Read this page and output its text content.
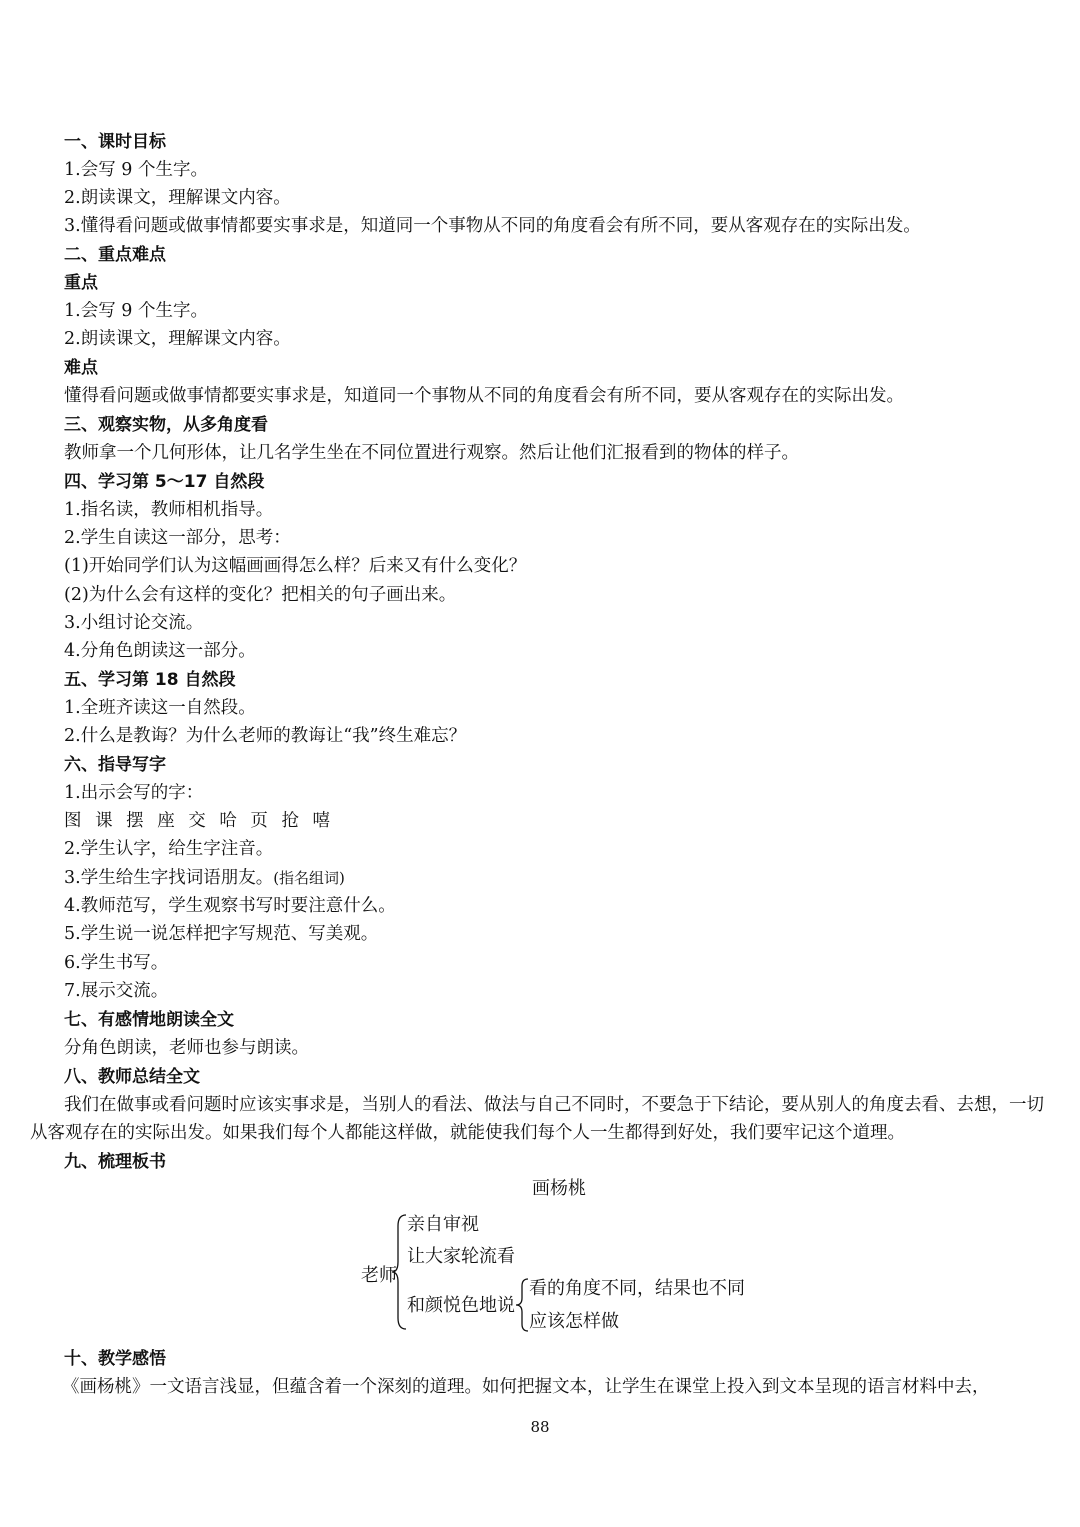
一、课时目标
1.会写 9 个生字。
2.朗读课文，理解课文内容。
3.懂得看问题或做事情都要实事求是，知道同一个事物从不同的角度看会有所不同，要从客观存在的实际出发。
二、重点难点
重点
1.会写 9 个生字。
2.朗读课文，理解课文内容。
难点
懂得看问题或做事情都要实事求是，知道同一个事物从不同的角度看会有所不同，要从客观存在的实际出发。
三、观察实物，从多角度看
教师拿一个几何形体，让几名学生坐在不同位置进行观察。然后让他们汇报看到的物体的样子。
四、学习第 5～17 自然段
1.指名读，教师相机指导。
2.学生自读这一部分，思考：
(1)开始同学们认为这幅画画得怎么样？后来又有什么变化？
(2)为什么会有这样的变化？把相关的句子画出来。
3.小组讨论交流。
4.分角色朗读这一部分。
五、学习第 18 自然段
1.全班齐读这一自然段。
2.什么是教诲？为什么老师的教诲让“我”终生难忘？
六、指导写字
1.出示会写的字：
图 课 摆 座 交 哈 页 抢 嘻
2.学生认字，给生字注音。
3.学生给生字找词语朋友。(指名组词)
4.教师范写，学生观察书写时要注意什么。
5.学生说一说怎样把字写规范、写美观。
6.学生书写。
7.展示交流。
七、有感情地朗读全文
分角色朗读，老师也参与朗读。
八、教师总结全文
我们在做事或看问题时应该实事求是，当别人的看法、做法与自己不同时，不要急于下结论，要从别人的角度去看、去想，一切从客观存在的实际出发。如果我们每个人都能这样做，就能使我们每个人一生都得到好处，我们要牢记这个道理。
九、梳理板书
画杨桃
老师
亲自审视
让大家轮流看
和颜悦色地说
看的角度不同，结果也不同
应该怎样做
十、教学感悟
《画杨桃》一文语言浅显，但蕴含着一个深刻的道理。如何把握文本，让学生在课堂上投入到文本呈现的语言材料中去，
88
